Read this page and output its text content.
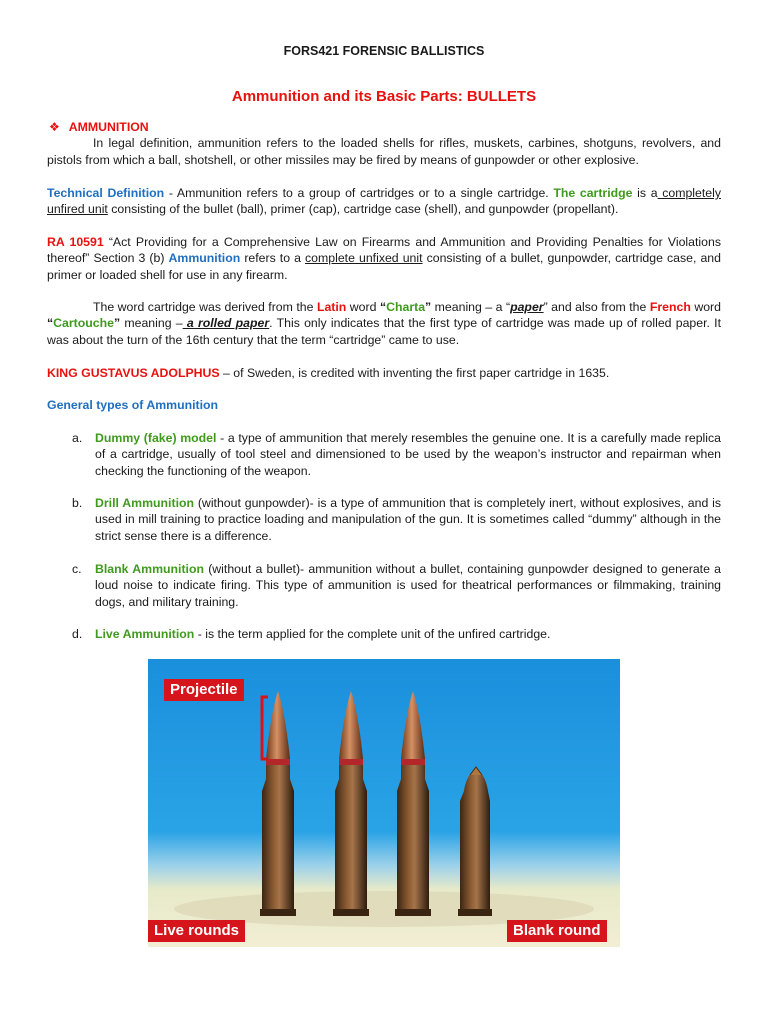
FORS421 FORENSIC BALLISTICS
Ammunition and its Basic Parts: BULLETS
❖ AMMUNITION
In legal definition, ammunition refers to the loaded shells for rifles, muskets, carbines, shotguns, revolvers, and pistols from which a ball, shotshell, or other missiles may be fired by means of gunpowder or other explosive.
Technical Definition - Ammunition refers to a group of cartridges or to a single cartridge. The cartridge is a completely unfired unit consisting of the bullet (ball), primer (cap), cartridge case (shell), and gunpowder (propellant).
RA 10591 “Act Providing for a Comprehensive Law on Firearms and Ammunition and Providing Penalties for Violations thereof” Section 3 (b) Ammunition refers to a complete unfixed unit consisting of a bullet, gunpowder, cartridge case, and primer or loaded shell for use in any firearm.
The word cartridge was derived from the Latin word “Charta” meaning – a “paper” and also from the French word “Cartouche” meaning – a rolled paper. This only indicates that the first type of cartridge was made up of rolled paper. It was about the turn of the 16th century that the term “cartridge” came to use.
KING GUSTAVUS ADOLPHUS – of Sweden, is credited with inventing the first paper cartridge in 1635.
General types of Ammunition
a.	Dummy (fake) model - a type of ammunition that merely resembles the genuine one. It is a carefully made replica of a cartridge, usually of tool steel and dimensioned to be used by the weapon’s instructor and repairman when checking the functioning of the weapon.
b.	Drill Ammunition (without gunpowder)- is a type of ammunition that is completely inert, without explosives, and is used in mill training to practice loading and manipulation of the gun. It is sometimes called “dummy” although in the strict sense there is a difference.
c.	Blank Ammunition (without a bullet)- ammunition without a bullet, containing gunpowder designed to generate a loud noise to indicate firing. This type of ammunition is used for theatrical performances or filmmaking, training dogs, and military training.
d.	Live Ammunition - is the term applied for the complete unit of the unfired cartridge.
Projectile
Live rounds	Blank round
